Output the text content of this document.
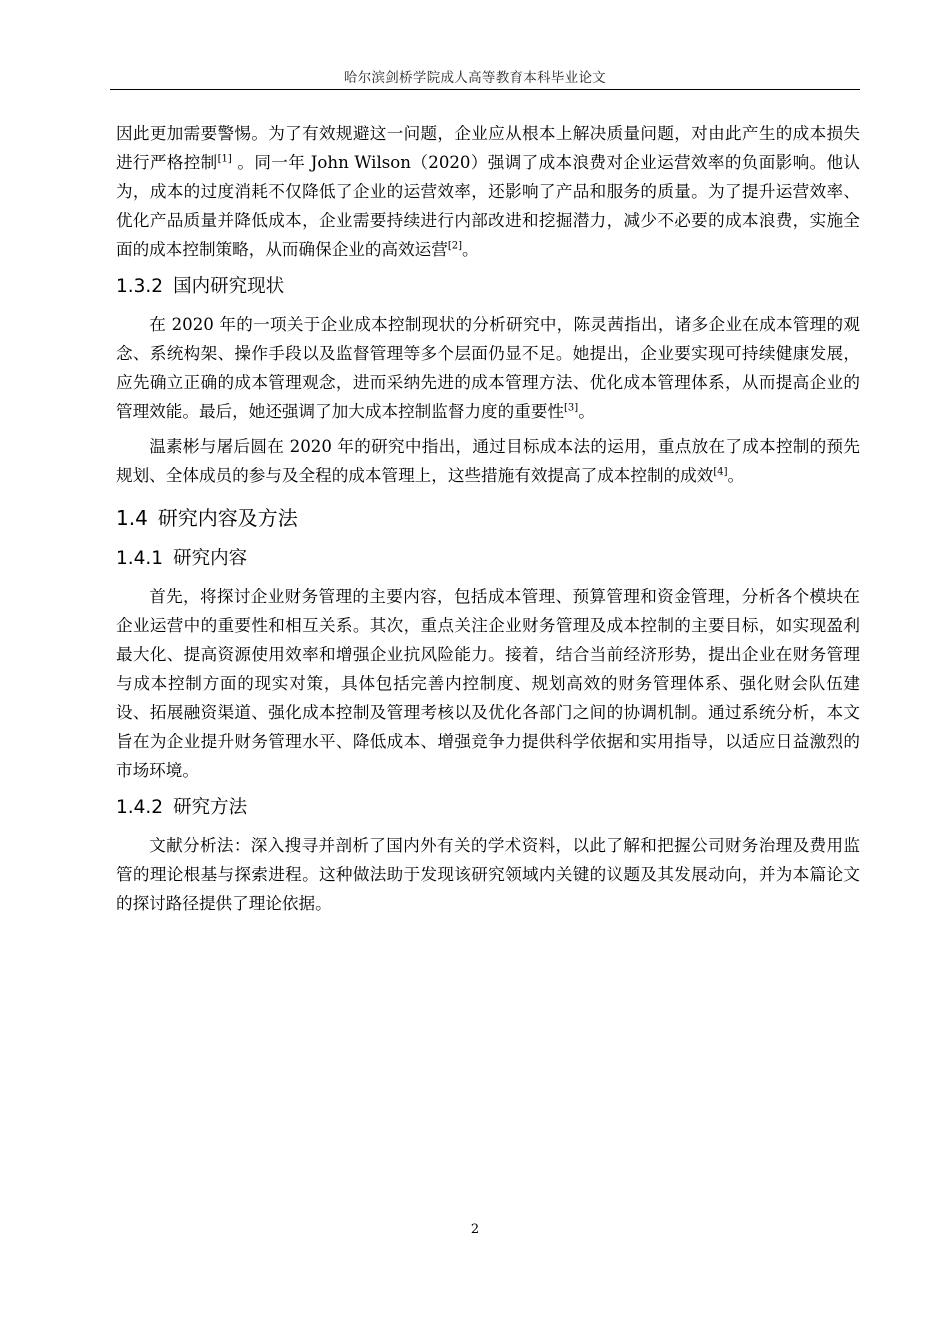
哈尔滨剑桥学院成人高等教育本科毕业论文

因此更加需要警惕。为了有效规避这一问题，企业应从根本上解决质量问题，对由此产生的成本损失进行严格控制[1] 。同一年 John Wilson（2020）强调了成本浪费对企业运营效率的负面影响。他认为，成本的过度消耗不仅降低了企业的运营效率，还影响了产品和服务的质量。为了提升运营效率、优化产品质量并降低成本，企业需要持续进行内部改进和挖掘潜力，减少不必要的成本浪费，实施全面的成本控制策略，从而确保企业的高效运营[2]。

1.3.2 国内研究现状

在 2020 年的一项关于企业成本控制现状的分析研究中，陈灵茜指出，诸多企业在成本管理的观念、系统构架、操作手段以及监督管理等多个层面仍显不足。她提出，企业要实现可持续健康发展，应先确立正确的成本管理观念，进而采纳先进的成本管理方法、优化成本管理体系，从而提高企业的管理效能。最后，她还强调了加大成本控制监督力度的重要性[3]。

温素彬与屠后圆在 2020 年的研究中指出，通过目标成本法的运用，重点放在了成本控制的预先规划、全体成员的参与及全程的成本管理上，这些措施有效提高了成本控制的成效[4]。

1.4 研究内容及方法
1.4.1 研究内容

首先，将探讨企业财务管理的主要内容，包括成本管理、预算管理和资金管理，分析各个模块在企业运营中的重要性和相互关系。其次，重点关注企业财务管理及成本控制的主要目标，如实现盈利最大化、提高资源使用效率和增强企业抗风险能力。接着，结合当前经济形势，提出企业在财务管理与成本控制方面的现实对策，具体包括完善内控制度、规划高效的财务管理体系、强化财会队伍建设、拓展融资渠道、强化成本控制及管理考核以及优化各部门之间的协调机制。通过系统分析，本文旨在为企业提升财务管理水平、降低成本、增强竞争力提供科学依据和实用指导，以适应日益激烈的市场环境。

1.4.2 研究方法

文献分析法：深入搜寻并剖析了国内外有关的学术资料，以此了解和把握公司财务治理及费用监管的理论根基与探索进程。这种做法助于发现该研究领域内关键的议题及其发展动向，并为本篇论文的探讨路径提供了理论依据。

2
